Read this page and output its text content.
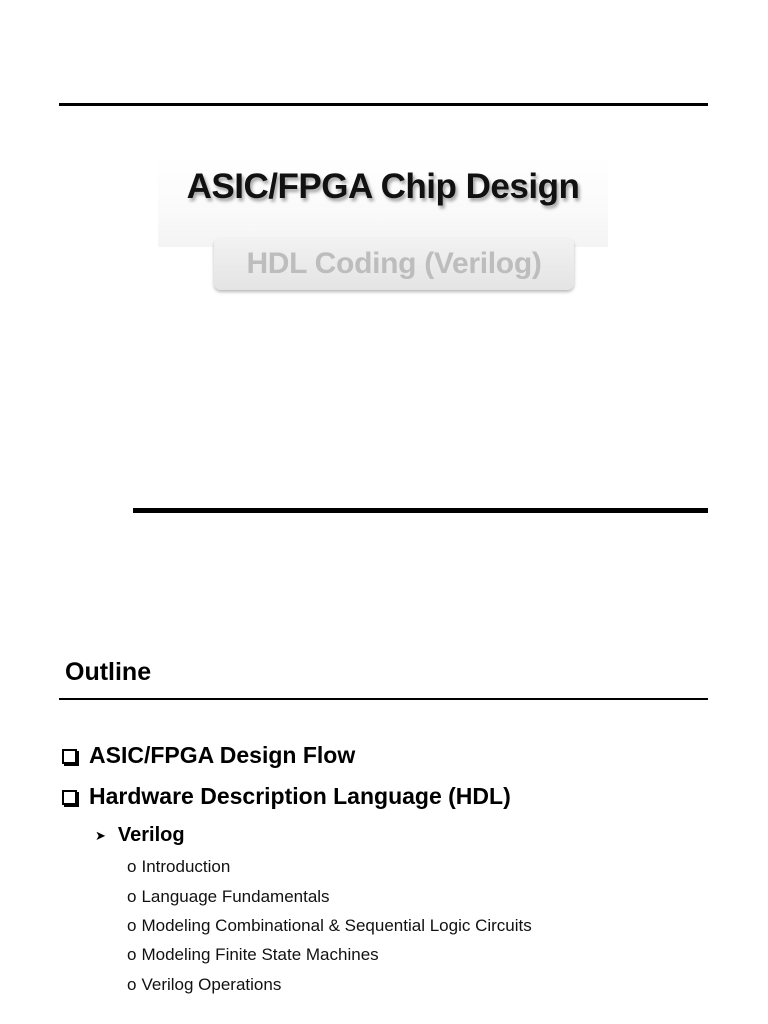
ASIC/FPGA Chip Design
HDL Coding (Verilog)
Outline
ASIC/FPGA Design Flow
Hardware Description Language (HDL)
➤ Verilog
o Introduction
o Language Fundamentals
o Modeling Combinational & Sequential Logic Circuits
o Modeling Finite State Machines
o Verilog Operations
